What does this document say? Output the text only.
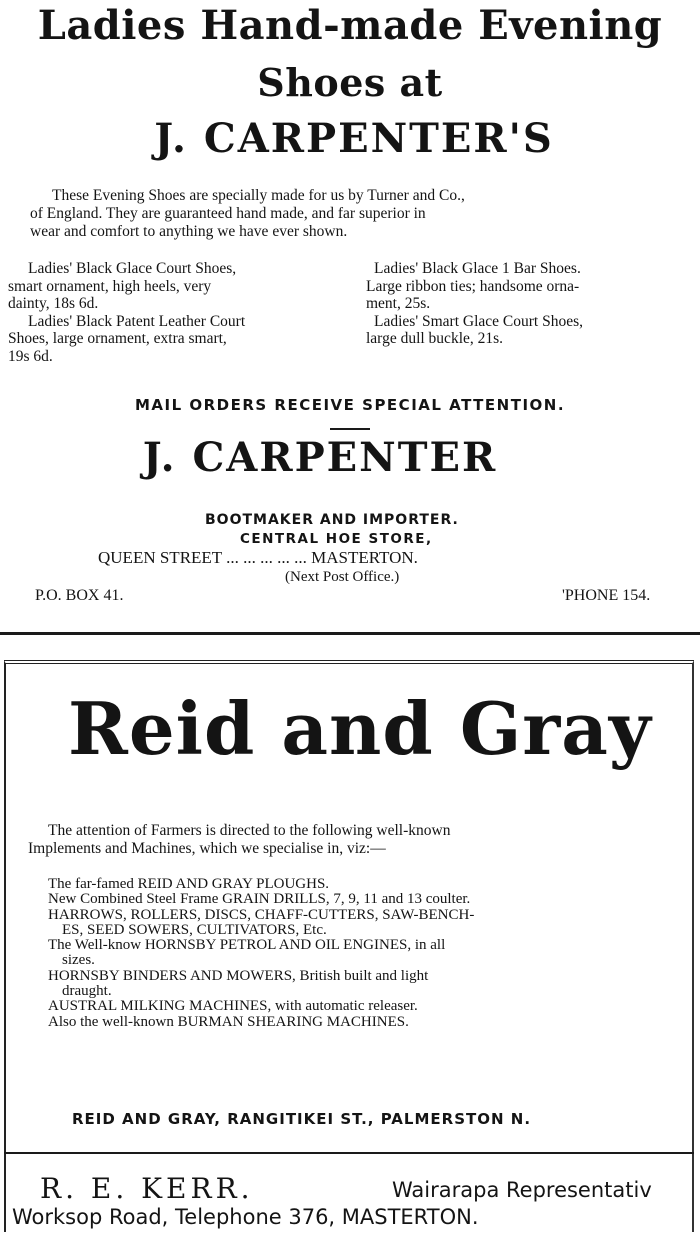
Ladies Hand-made Evening
Shoes at
J. CARPENTER'S
These Evening Shoes are specially made for us by Turner and Co.,
of England. They are guaranteed hand made, and far superior in
wear and comfort to anything we have ever shown.
Ladies' Black Glace Court Shoes,
smart ornament, high heels, very
dainty, 18s 6d.
Ladies' Black Patent Leather Court
Shoes, large ornament, extra smart,
19s 6d.
Ladies' Black Glace 1 Bar Shoes.
Large ribbon ties; handsome orna-
ment, 25s.
Ladies' Smart Glace Court Shoes,
large dull buckle, 21s.
MAIL ORDERS RECEIVE SPECIAL ATTENTION.
J. CARPENTER
BOOTMAKER AND IMPORTER.
CENTRAL HOE STORE,
QUEEN STREET ... ... ... ... ... MASTERTON.
(Next Post Office.)
P.O. BOX 41.	'PHONE 154.
Reid and Gray
The attention of Farmers is directed to the following well-known
Implements and Machines, which we specialise in, viz:—
The far-famed REID AND GRAY PLOUGHS.
New Combined Steel Frame GRAIN DRILLS, 7, 9, 11 and 13 coulter.
HARROWS, ROLLERS, DISCS, CHAFF-CUTTERS, SAW-BENCH-
ES, SEED SOWERS, CULTIVATORS, Etc.
The Well-know HORNSBY PETROL AND OIL ENGINES, in all
sizes.
HORNSBY BINDERS AND MOWERS, British built and light
draught.
AUSTRAL MILKING MACHINES, with automatic releaser.
Also the well-known BURMAN SHEARING MACHINES.
REID AND GRAY, RANGITIKEI ST., PALMERSTON N.
R. E. KERR.	Wairarapa Representativ
Worksop Road, Telephone 376, MASTERTON.
